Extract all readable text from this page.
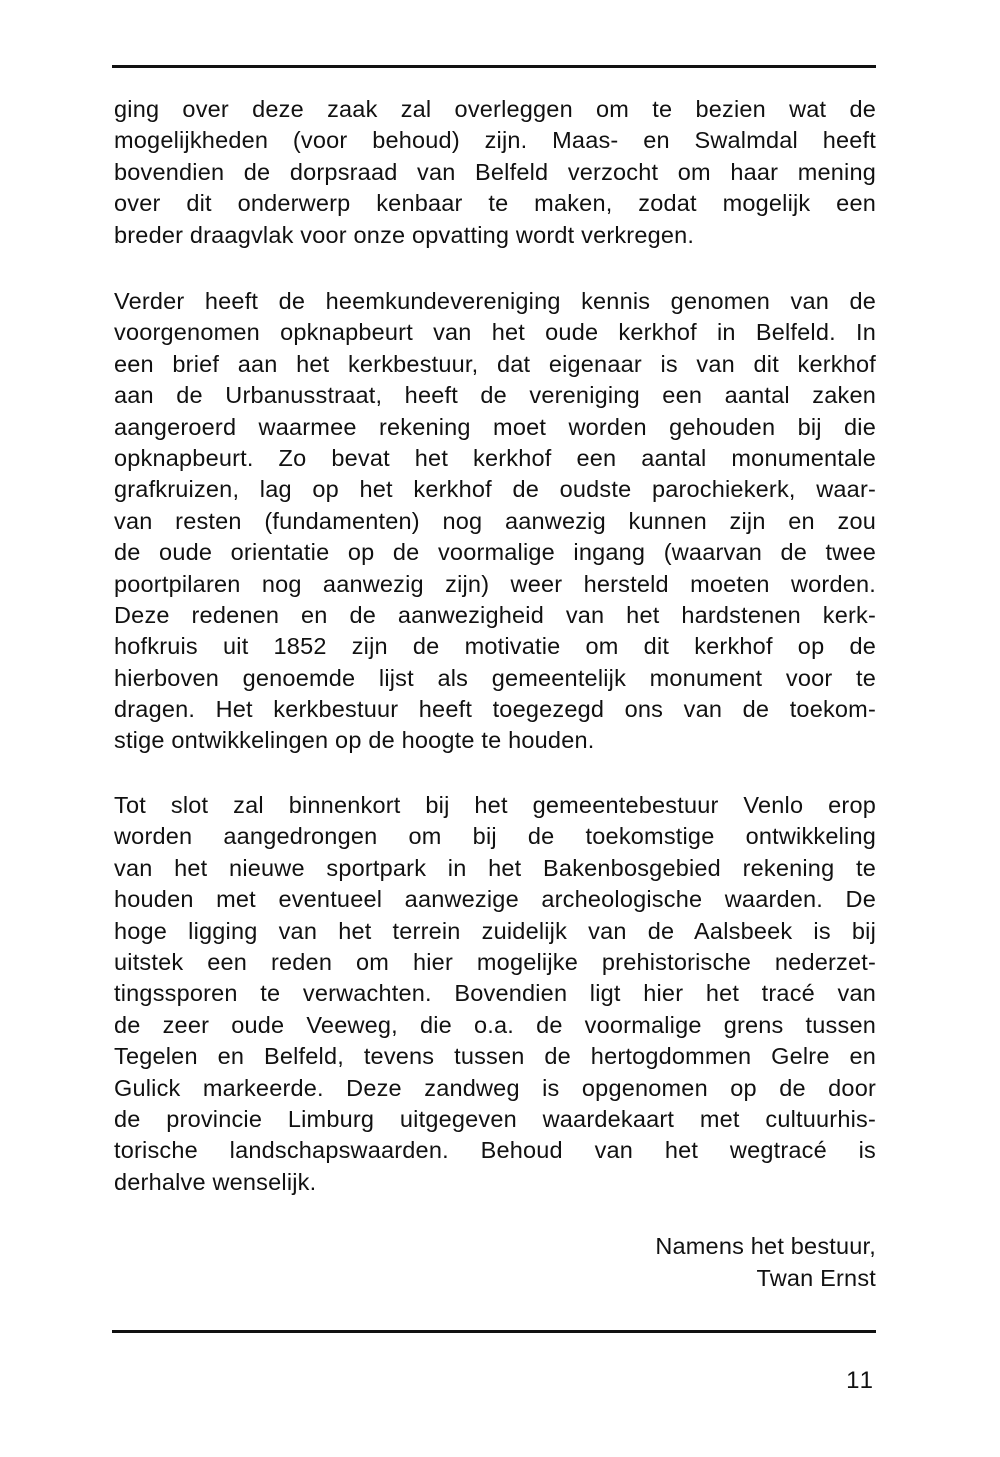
ging over deze zaak zal overleggen om te bezien wat de
mogelijkheden (voor behoud) zijn. Maas- en Swalmdal heeft
bovendien de dorpsraad van Belfeld verzocht om haar mening
over dit onderwerp kenbaar te maken, zodat mogelijk een
breder draagvlak voor onze opvatting wordt verkregen.
Verder heeft de heemkundevereniging kennis genomen van de
voorgenomen opknapbeurt van het oude kerkhof in Belfeld. In
een brief aan het kerkbestuur, dat eigenaar is van dit kerkhof
aan de Urbanusstraat, heeft de vereniging een aantal zaken
aangeroerd waarmee rekening moet worden gehouden bij die
opknapbeurt. Zo bevat het kerkhof een aantal monumentale
grafkruizen, lag op het kerkhof de oudste parochiekerk, waar-
van resten (fundamenten) nog aanwezig kunnen zijn en zou
de oude orientatie op de voormalige ingang (waarvan de twee
poortpilaren nog aanwezig zijn) weer hersteld moeten worden.
Deze redenen en de aanwezigheid van het hardstenen kerk-
hofkruis uit 1852 zijn de motivatie om dit kerkhof op de
hierboven genoemde lijst als gemeentelijk monument voor te
dragen. Het kerkbestuur heeft toegezegd ons van de toekom-
stige ontwikkelingen op de hoogte te houden.
Tot slot zal binnenkort bij het gemeentebestuur Venlo erop
worden aangedrongen om bij de toekomstige ontwikkeling
van het nieuwe sportpark in het Bakenbosgebied rekening te
houden met eventueel aanwezige archeologische waarden. De
hoge ligging van het terrein zuidelijk van de Aalsbeek is bij
uitstek een reden om hier mogelijke prehistorische nederzet-
tingssporen te verwachten. Bovendien ligt hier het tracé van
de zeer oude Veeweg, die o.a. de voormalige grens tussen
Tegelen en Belfeld, tevens tussen de hertogdommen Gelre en
Gulick markeerde. Deze zandweg is opgenomen op de door
de provincie Limburg uitgegeven waardekaart met cultuurhis-
torische landschapswaarden. Behoud van het wegtracé is
derhalve wenselijk.
Namens het bestuur,
Twan Ernst
11
